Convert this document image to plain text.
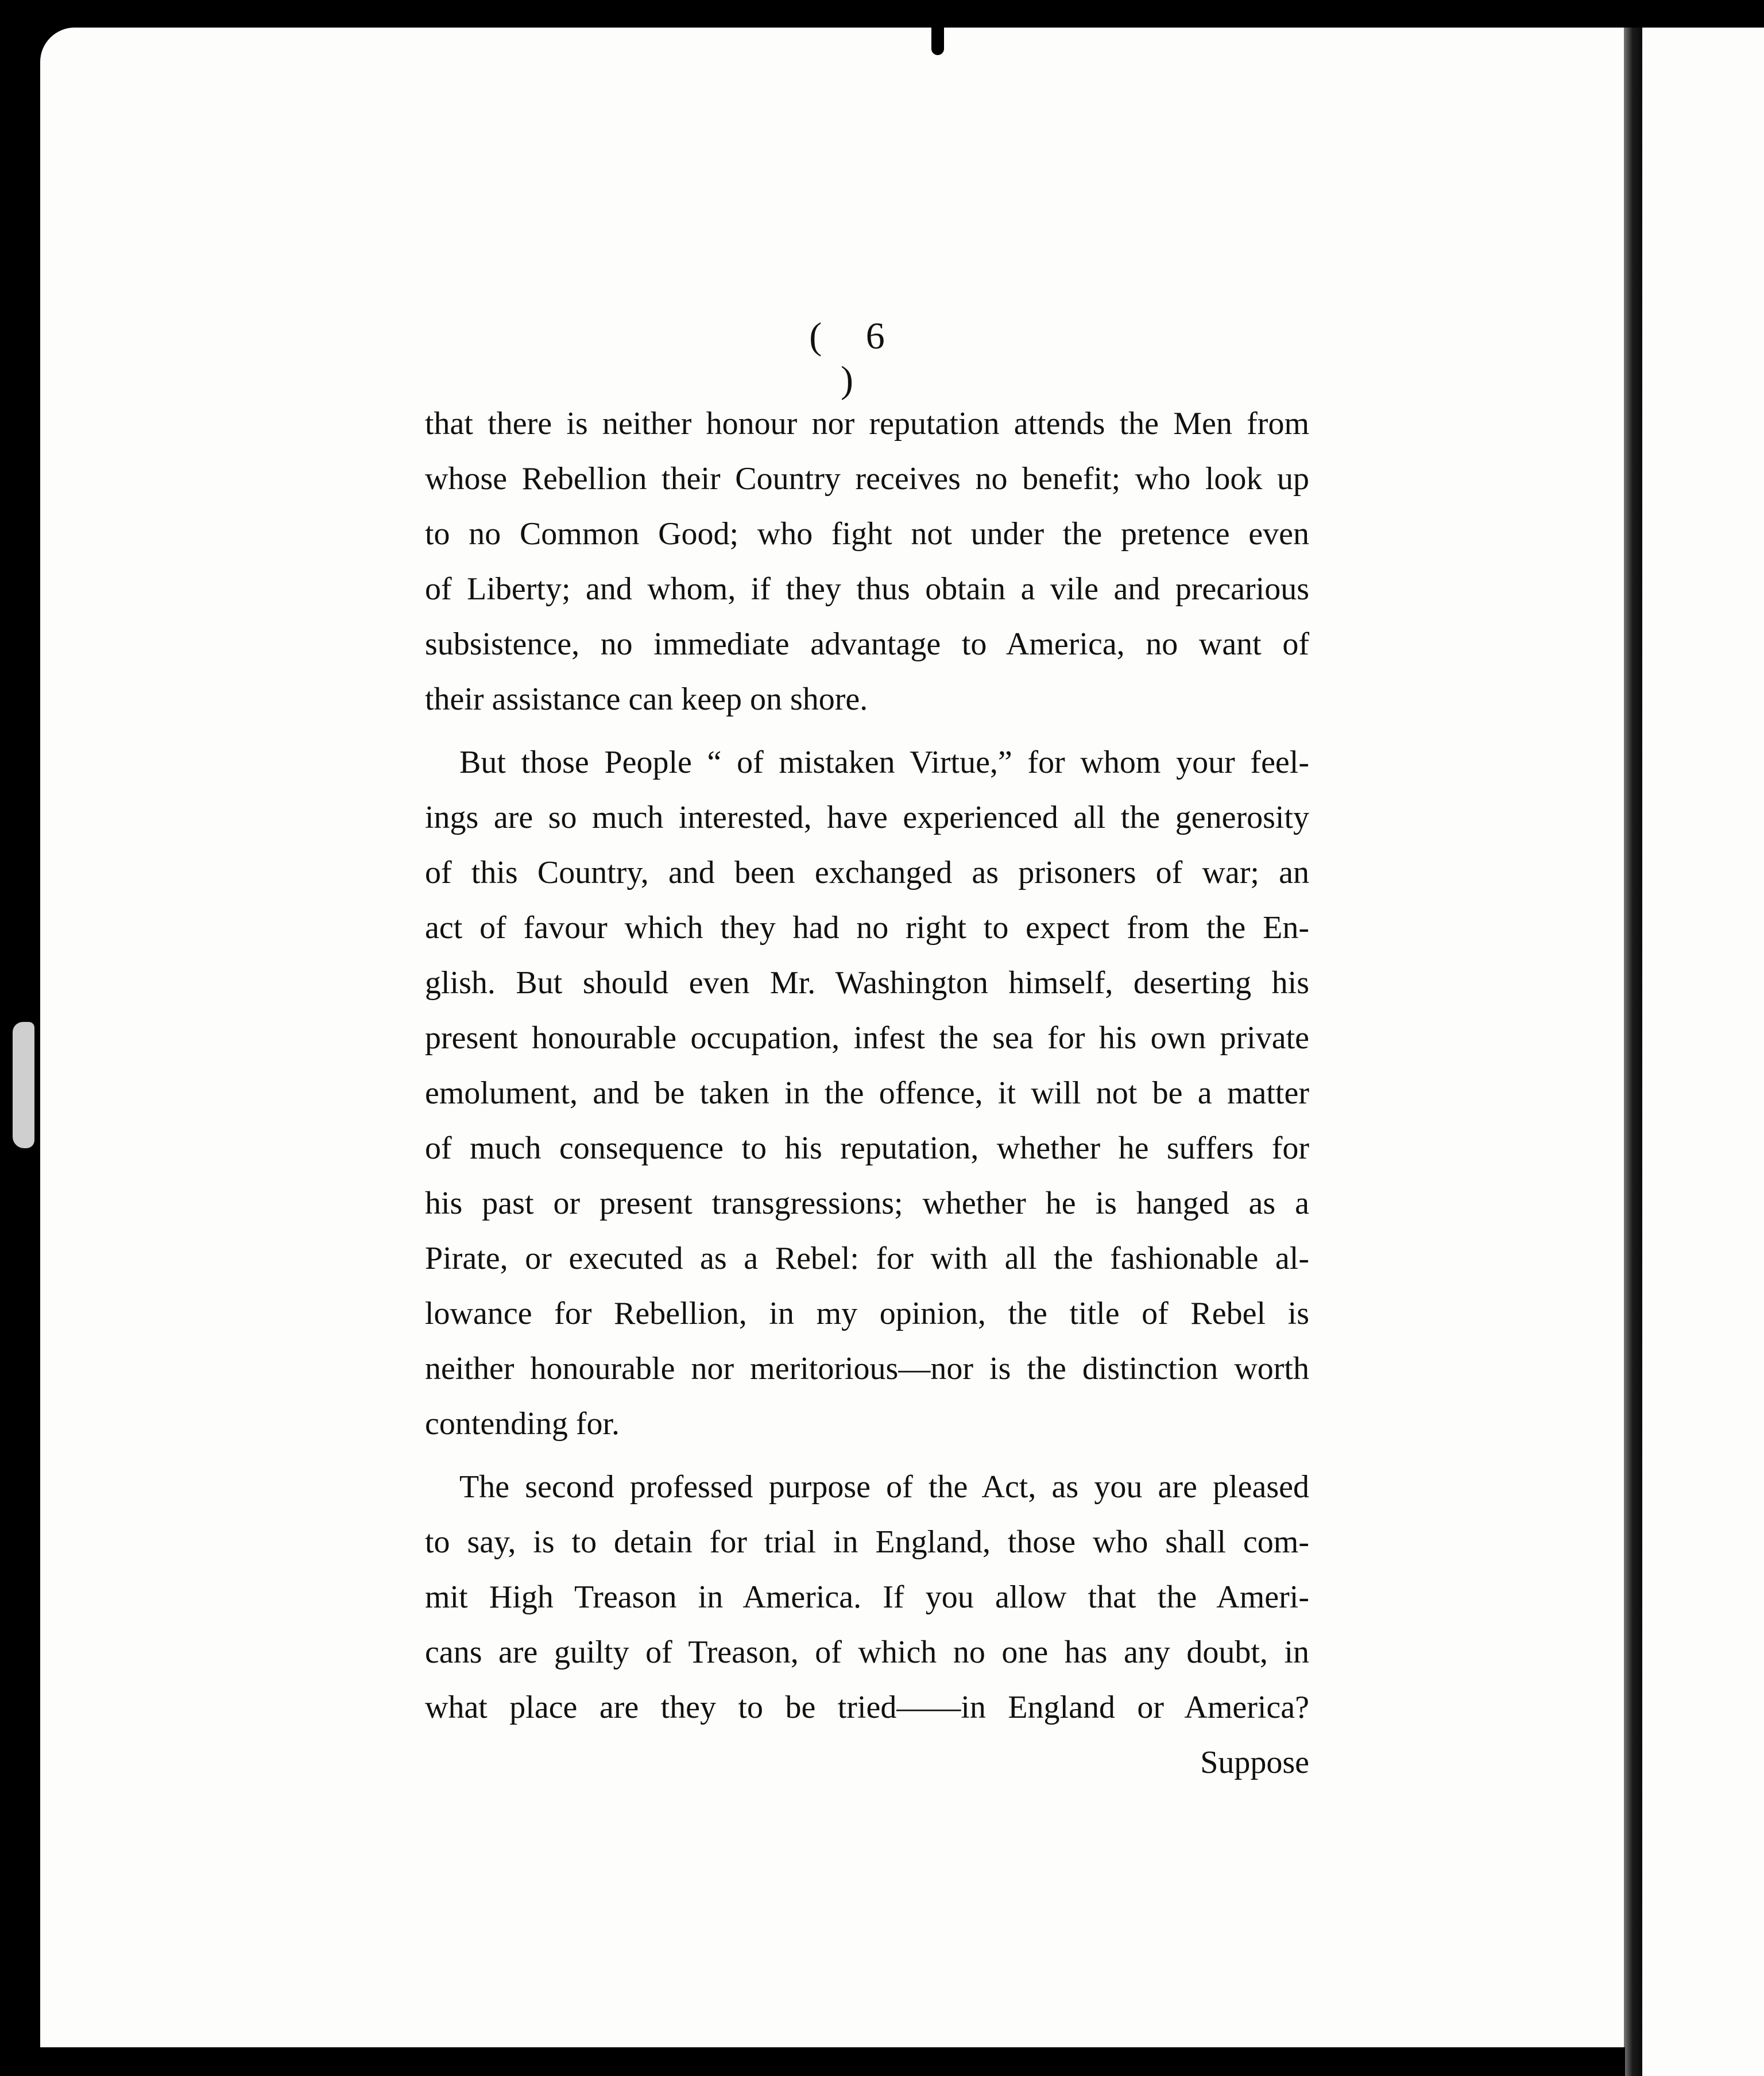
( 6 )
that there is neither honour nor reputation attends the Men from
whose Rebellion their Country receives no benefit; who look up
to no Common Good; who fight not under the pretence even
of Liberty; and whom, if they thus obtain a vile and precarious
subsistence, no immediate advantage to America, no want of
their assistance can keep on shore.
But those People “ of mistaken Virtue,” for whom your feel-
ings are so much interested, have experienced all the generosity
of this Country, and been exchanged as prisoners of war; an
act of favour which they had no right to expect from the En-
glish. But should even Mr. Washington himself, deserting his
present honourable occupation, infest the sea for his own private
emolument, and be taken in the offence, it will not be a matter
of much consequence to his reputation, whether he suffers for
his past or present transgressions; whether he is hanged as a
Pirate, or executed as a Rebel: for with all the fashionable al-
lowance for Rebellion, in my opinion, the title of Rebel is
neither honourable nor meritorious—nor is the distinction worth
contending for.
The second professed purpose of the Act, as you are pleased
to say, is to detain for trial in England, those who shall com-
mit High Treason in America. If you allow that the Ameri-
cans are guilty of Treason, of which no one has any doubt, in
what place are they to be tried——in England or America?
Suppose
